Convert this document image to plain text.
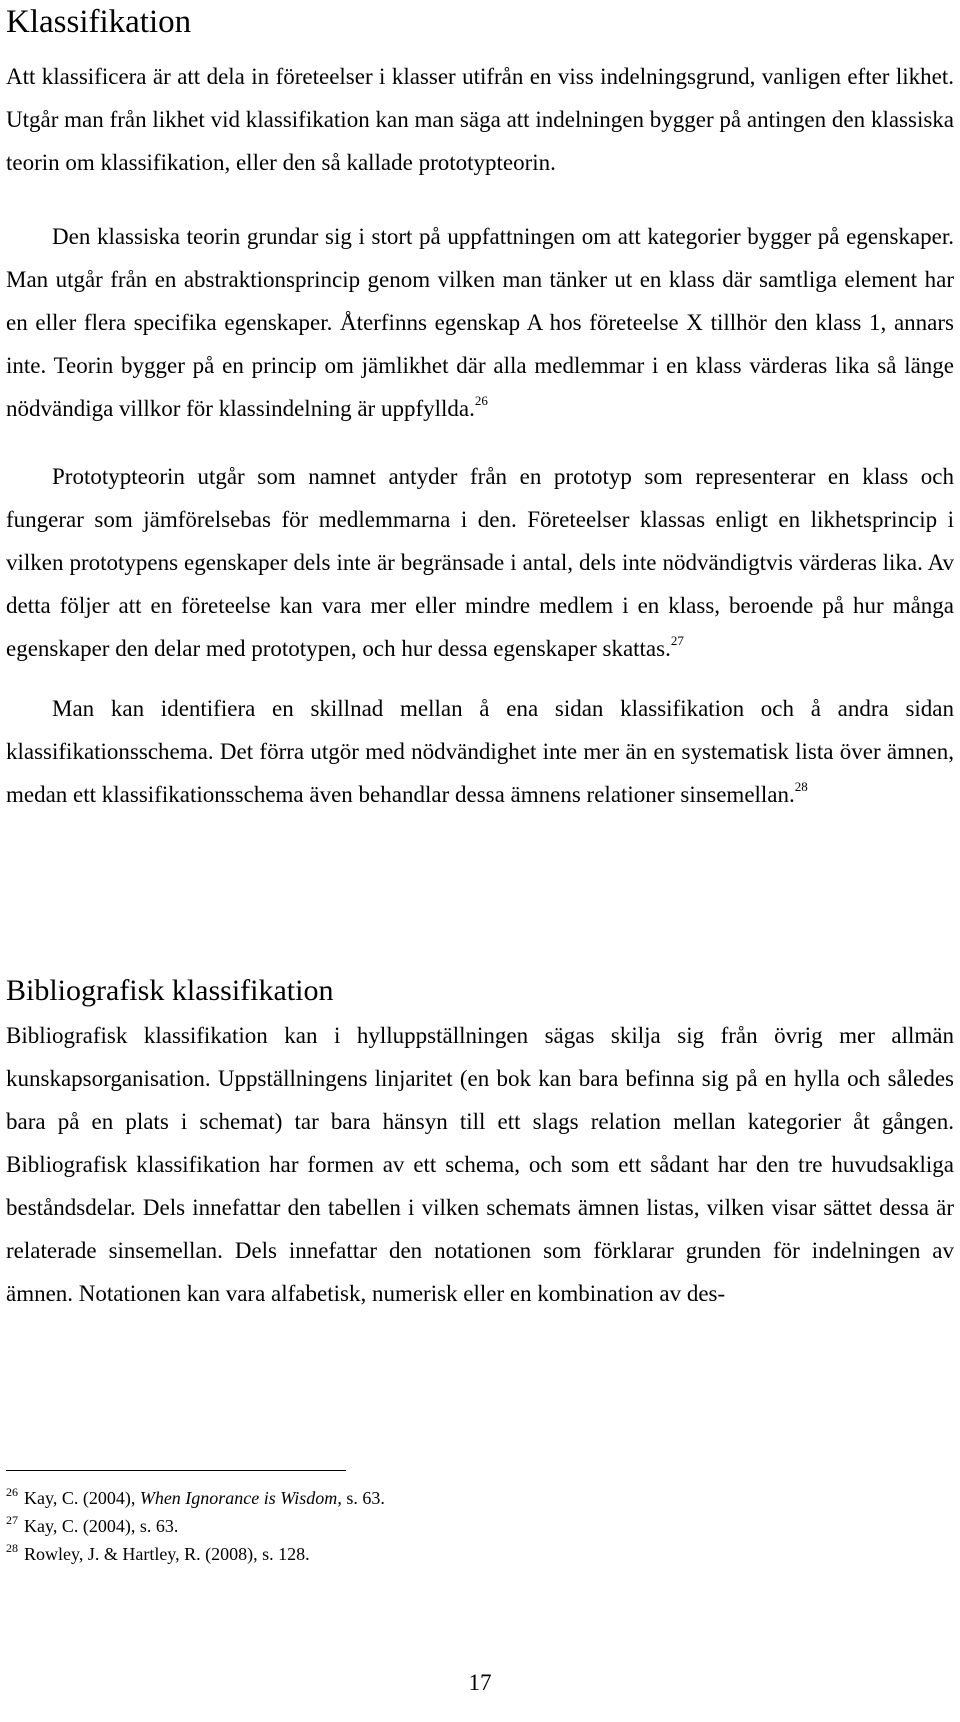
Klassifikation

Att klassificera är att dela in företeelser i klasser utifrån en viss indelningsgrund, vanligen efter likhet. Utgår man från likhet vid klassifikation kan man säga att indelningen bygger på antingen den klassiska teorin om klassifikation, eller den så kallade prototypteorin.

Den klassiska teorin grundar sig i stort på uppfattningen om att kategorier bygger på egenskaper. Man utgår från en abstraktionsprincip genom vilken man tänker ut en klass där samtliga element har en eller flera specifika egenskaper. Återfinns egenskap A hos företeelse X tillhör den klass 1, annars inte. Teorin bygger på en princip om jämlikhet där alla medlemmar i en klass värderas lika så länge nödvändiga villkor för klassindelning är uppfyllda.$^{26}$

Prototypteorin utgår som namnet antyder från en prototyp som representerar en klass och fungerar som jämförelsebas för medlemmarna i den. Företeelser klassas enligt en likhetsprincip i vilken prototypens egenskaper dels inte är begränsade i antal, dels inte nödvändigtvis värderas lika. Av detta följer att en företeelse kan vara mer eller mindre medlem i en klass, beroende på hur många egenskaper den delar med prototypen, och hur dessa egenskaper skattas.$^{27}$

Man kan identifiera en skillnad mellan å ena sidan klassifikation och å andra sidan klassifikationsschema. Det förra utgör med nödvändighet inte mer än en systematisk lista över ämnen, medan ett klassifikationsschema även behandlar dessa ämnens relationer sinsemellan.$^{28}$

Bibliografisk klassifikation

Bibliografisk klassifikation kan i hylluppställningen sägas skilja sig från övrig mer allmän kunskapsorganisation. Uppställningens linjaritet (en bok kan bara befinna sig på en hylla och således bara på en plats i schemat) tar bara hänsyn till ett slags relation mellan kategorier åt gången. Bibliografisk klassifikation har formen av ett schema, och som ett sådant har den tre huvudsakliga beståndsdelar. Dels innefattar den tabellen i vilken schemats ämnen listas, vilken visar sättet dessa är relaterade sinsemellan. Dels innefattar den notationen som förklarar grunden för indelningen av ämnen. Notationen kan vara alfabetisk, numerisk eller en kombination av des-

$^{26}$ Kay, C. (2004), When Ignorance is Wisdom, s. 63.
$^{27}$ Kay, C. (2004), s. 63.
$^{28}$ Rowley, J. & Hartley, R. (2008), s. 128.
17
